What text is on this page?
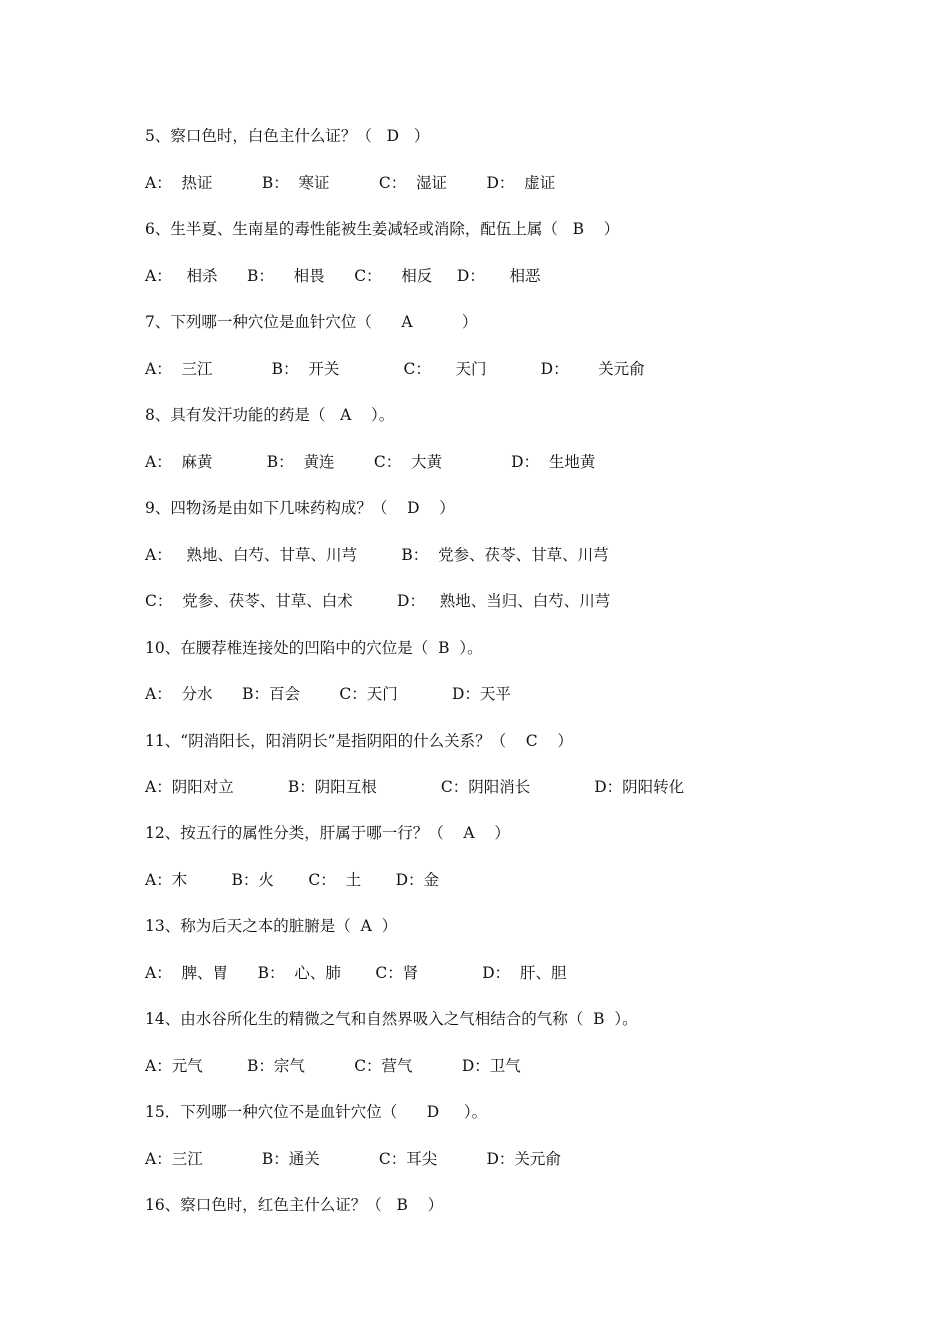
5、察口色时，白色主什么证？（   D   ）
A：  热证          B：  寒证          C：  湿证        D：  虚证
6、生半夏、生南星的毒性能被生姜减轻或消除，配伍上属（   B    ）
A：   相杀      B：    相畏      C：    相反     D：     相恶
7、下列哪一种穴位是血针穴位（      A          ）
A：  三江            B：  开关             C：     天门           D：      关元俞
8、具有发汗功能的药是（   A    ）。
A：  麻黄           B：  黄连        C：  大黄              D：  生地黄
9、四物汤是由如下几味药构成？（    D    ）
A：   熟地、白芍、甘草、川芎         B：  党参、茯苓、甘草、川芎
C：  党参、茯苓、甘草、白术         D：   熟地、当归、白芍、川芎
10、在腰荐椎连接处的凹陷中的穴位是（  B  ）。
A：  分水      B：百会        C：天门           D：天平
11、“阴消阳长，阳消阴长”是指阴阳的什么关系？（    C    ）
A：阴阳对立           B：阴阳互根             C：阴阳消长             D：阴阳转化
12、按五行的属性分类，肝属于哪一行？（    A    ）
A：木         B：火       C：  土       D：金
13、称为后天之本的脏腑是（  A  ）
A：  脾、胃      B：  心、肺       C：肾             D：  肝、胆
14、由水谷所化生的精微之气和自然界吸入之气相结合的气称（  B  ）。
A：元气         B：宗气          C：营气          D：卫气
15．下列哪一种穴位不是血针穴位（      D     ）。
A：三江            B：通关            C：耳尖          D：关元俞
16、察口色时，红色主什么证？（   B    ）
